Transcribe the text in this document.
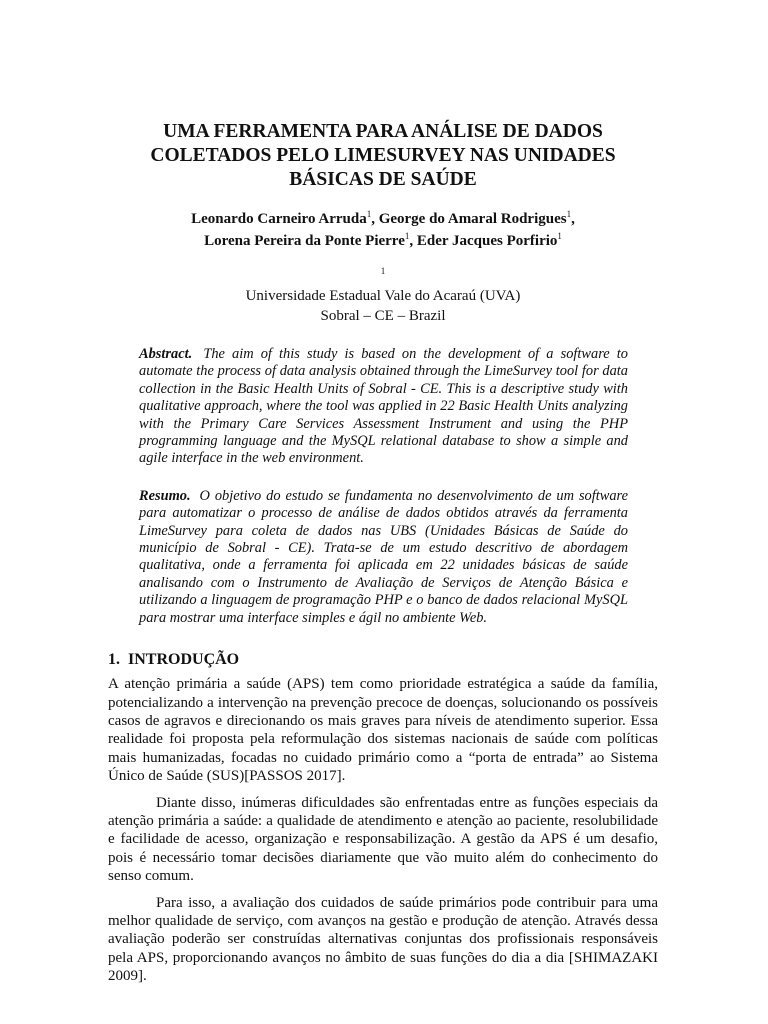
UMA FERRAMENTA PARA ANÁLISE DE DADOS
COLETADOS PELO LIMESURVEY NAS UNIDADES
BÁSICAS DE SAÚDE
Leonardo Carneiro Arruda$^1$, George do Amaral Rodrigues$^1$,
Lorena Pereira da Ponte Pierre$^1$, Eder Jacques Porfirio$^1$
$^1$
Universidade Estadual Vale do Acaraú (UVA)
Sobral – CE – Brazil
Abstract. The aim of this study is based on the development of a software to automate the process of data analysis obtained through the LimeSurvey tool for data collection in the Basic Health Units of Sobral - CE. This is a descriptive study with qualitative approach, where the tool was applied in 22 Basic Health Units analyzing with the Primary Care Services Assessment Instrument and using the PHP programming language and the MySQL relational database to show a simple and agile interface in the web environment.
Resumo. O objetivo do estudo se fundamenta no desenvolvimento de um software para automatizar o processo de análise de dados obtidos através da ferramenta LimeSurvey para coleta de dados nas UBS (Unidades Básicas de Saúde do município de Sobral - CE). Trata-se de um estudo descritivo de abordagem qualitativa, onde a ferramenta foi aplicada em 22 unidades básicas de saúde analisando com o Instrumento de Avaliação de Serviços de Atenção Básica e utilizando a linguagem de programação PHP e o banco de dados relacional MySQL para mostrar uma interface simples e ágil no ambiente Web.
1. INTRODUÇÃO

A atenção primária a saúde (APS) tem como prioridade estratégica a saúde da família, potencializando a intervenção na prevenção precoce de doenças, solucionando os possíveis casos de agravos e direcionando os mais graves para níveis de atendimento superior. Essa realidade foi proposta pela reformulação dos sistemas nacionais de saúde com políticas mais humanizadas, focadas no cuidado primário como a “porta de entrada” ao Sistema Único de Saúde (SUS)[PASSOS 2017].

Diante disso, inúmeras dificuldades são enfrentadas entre as funções especiais da atenção primária a saúde: a qualidade de atendimento e atenção ao paciente, resolubilidade e facilidade de acesso, organização e responsabilização. A gestão da APS é um desafio, pois é necessário tomar decisões diariamente que vão muito além do conhecimento do senso comum.

Para isso, a avaliação dos cuidados de saúde primários pode contribuir para uma melhor qualidade de serviço, com avanços na gestão e produção de atenção. Através dessa avaliação poderão ser construídas alternativas conjuntas dos profissionais responsáveis pela APS, proporcionando avanços no âmbito de suas funções do dia a dia [SHIMAZAKI 2009].
